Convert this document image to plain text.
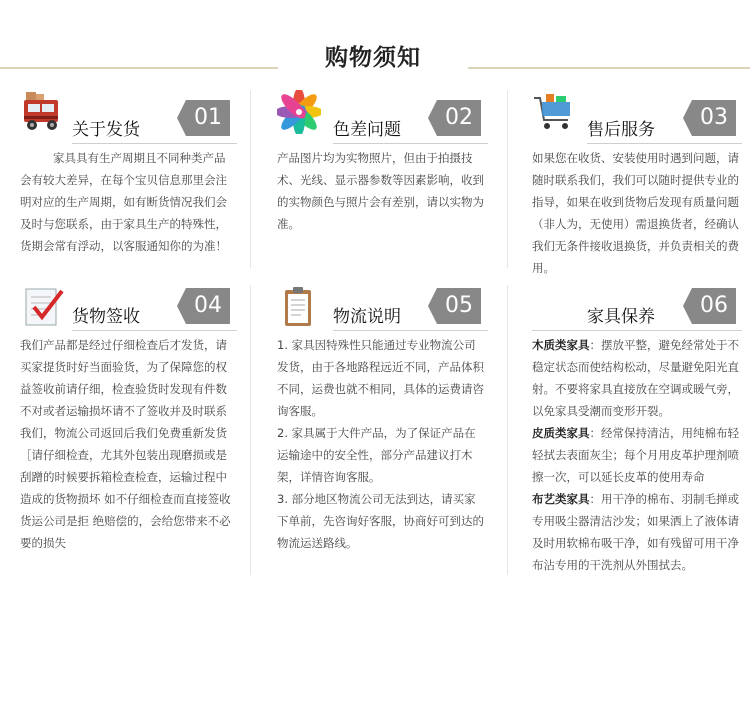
购物须知
关于发货	01

家具具有生产周期且不同种类产品会有较大差异，在每个宝贝信息那里会注明对应的生产周期，如有断货情况我们会及时与您联系，由于家具生产的特殊性，货期会常有浮动，以客服通知你的为准！

色差问题	02

产品图片均为实物照片，但由于拍摄技术、光线、显示器参数等因素影响，收到的实物颜色与照片会有差别，请以实物为准。

售后服务	03

如果您在收货、安装使用时遇到问题，请随时联系我们，我们可以随时提供专业的指导，如果在收到货物后发现有质量问题（非人为，无使用）需退换货者，经确认我们无条件接收退换货，并负责相关的费用。

货物签收	04

我们产品都是经过仔细检查后才发货，请买家提货时好当面验货，为了保障您的权益签收前请仔细，检查验货时发现有件数不对或者运输损坏请不了签收并及时联系我们，物流公司返回后我们免费重新发货［请仔细检查，尤其外包装出现磨损或是刮蹭的时候要拆箱检查检查，运输过程中造成的货物损坏 如不仔细检查而直接签收货运公司是拒 绝赔偿的，会给您带来不必要的损失

物流说明	05

1. 家具因特殊性只能通过专业物流公司发货，由于各地路程远近不同，产品体积不同，运费也就不相同，具体的运费请咨询客服。

2. 家具属于大件产品，为了保证产品在运输途中的安全性，部分产品建议打木架，详情咨询客服。

3. 部分地区物流公司无法到达，请买家下单前，先咨询好客服，协商好可到达的物流运送路线。

家具保养	06

木质类家具：摆放平整，避免经常处于不稳定状态而使结构松动，尽量避免阳光直射。不要将家具直接放在空调或暖气旁，以免家具受潮而变形开裂。

皮质类家具：经常保持清洁，用纯棉布轻轻拭去表面灰尘；每个月用皮革护理剂喷擦一次，可以延长皮革的使用寿命

布艺类家具：用干净的棉布、羽制毛掸或专用吸尘器清洁沙发；如果洒上了液体请及时用软棉布吸干净，如有残留可用干净布沾专用的干洗剂从外围拭去。
